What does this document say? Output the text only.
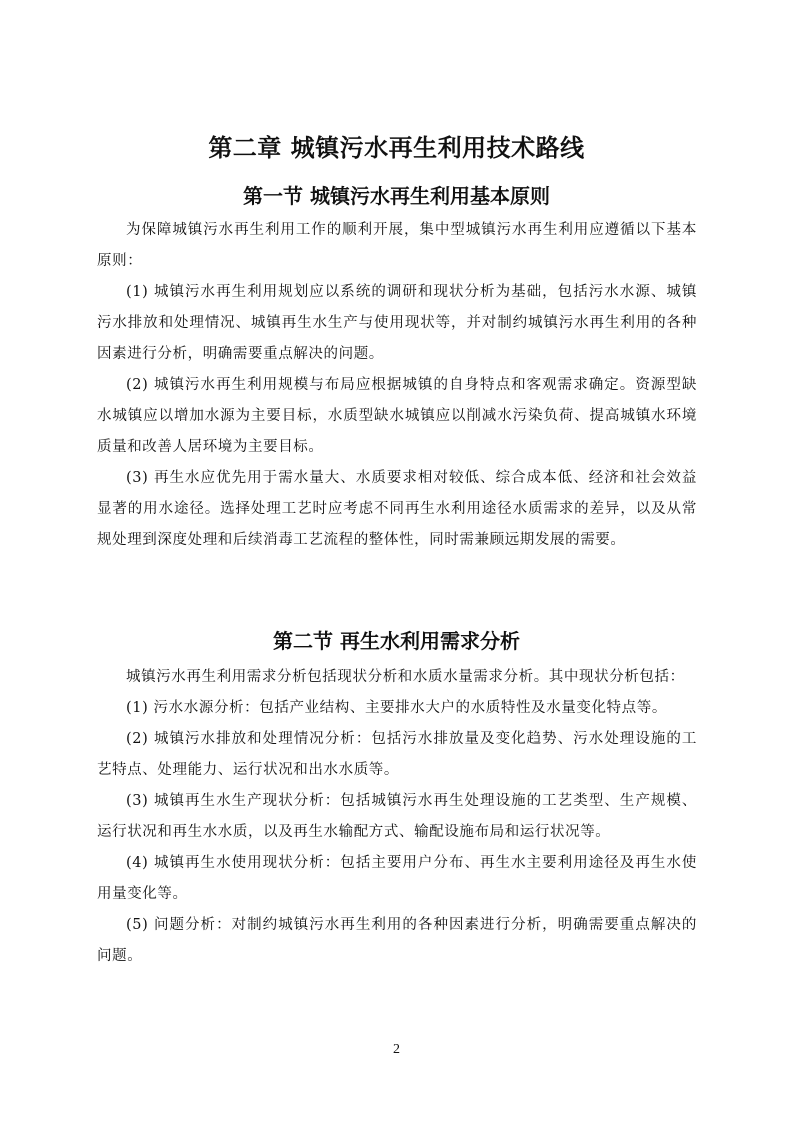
第二章 城镇污水再生利用技术路线
第一节 城镇污水再生利用基本原则

为保障城镇污水再生利用工作的顺利开展，集中型城镇污水再生利用应遵循以下基本原则：

(1) 城镇污水再生利用规划应以系统的调研和现状分析为基础，包括污水水源、城镇污水排放和处理情况、城镇再生水生产与使用现状等，并对制约城镇污水再生利用的各种因素进行分析，明确需要重点解决的问题。

(2) 城镇污水再生利用规模与布局应根据城镇的自身特点和客观需求确定。资源型缺水城镇应以增加水源为主要目标，水质型缺水城镇应以削减水污染负荷、提高城镇水环境质量和改善人居环境为主要目标。

(3) 再生水应优先用于需水量大、水质要求相对较低、综合成本低、经济和社会效益显著的用水途径。选择处理工艺时应考虑不同再生水利用途径水质需求的差异，以及从常规处理到深度处理和后续消毒工艺流程的整体性，同时需兼顾远期发展的需要。

第二节 再生水利用需求分析

城镇污水再生利用需求分析包括现状分析和水质水量需求分析。其中现状分析包括：

(1) 污水水源分析：包括产业结构、主要排水大户的水质特性及水量变化特点等。

(2) 城镇污水排放和处理情况分析：包括污水排放量及变化趋势、污水处理设施的工艺特点、处理能力、运行状况和出水水质等。

(3) 城镇再生水生产现状分析：包括城镇污水再生处理设施的工艺类型、生产规模、运行状况和再生水水质，以及再生水输配方式、输配设施布局和运行状况等。

(4) 城镇再生水使用现状分析：包括主要用户分布、再生水主要利用途径及再生水使用量变化等。

(5) 问题分析：对制约城镇污水再生利用的各种因素进行分析，明确需要重点解决的问题。

2
